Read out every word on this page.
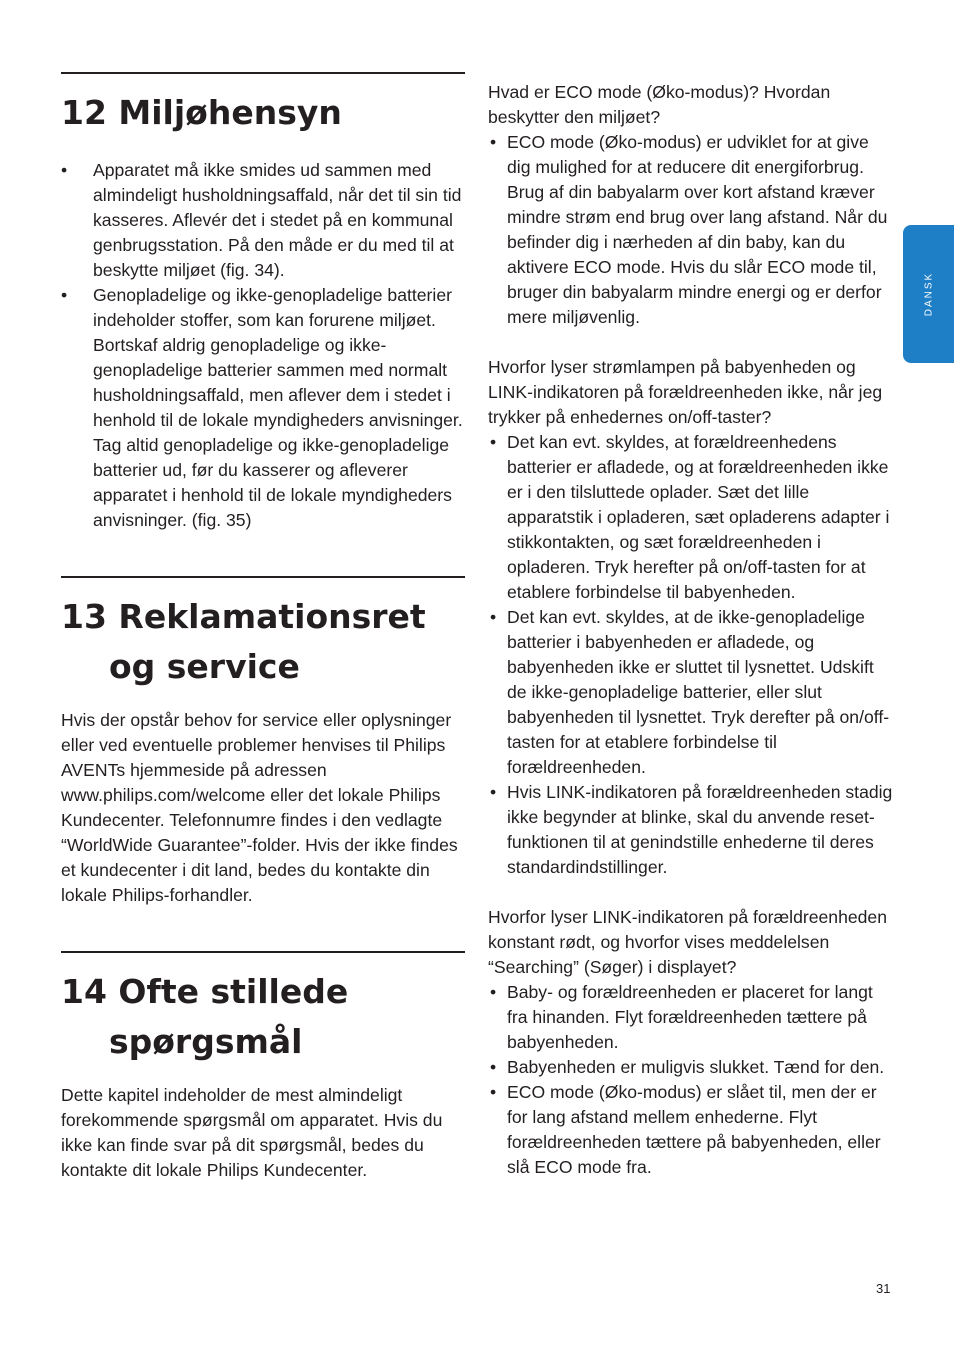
12 Miljøhensyn
• Apparatet må ikke smides ud sammen med almindeligt husholdningsaffald, når det til sin tid kasseres. Aflevér det i stedet på en kommunal genbrugsstation. På den måde er du med til at beskytte miljøet (fig. 34).
• Genopladelige og ikke-genopladelige batterier indeholder stoffer, som kan forurene miljøet. Bortskaf aldrig genopladelige og ikke-genopladelige batterier sammen med normalt husholdningsaffald, men aflever dem i stedet i henhold til de lokale myndigheders anvisninger. Tag altid genopladelige og ikke-genopladelige batterier ud, før du kasserer og afleverer apparatet i henhold til de lokale myndigheders anvisninger. (fig. 35)
13 Reklamationsret og service

Hvis der opstår behov for service eller oplysninger eller ved eventuelle problemer henvises til Philips AVENTs hjemmeside på adressen www.philips.com/welcome eller det lokale Philips Kundecenter. Telefonnumre findes i den vedlagte “WorldWide Guarantee”-folder. Hvis der ikke findes et kundecenter i dit land, bedes du kontakte din lokale Philips-forhandler.

14 Ofte stillede spørgsmål

Dette kapitel indeholder de mest almindeligt forekommende spørgsmål om apparatet. Hvis du ikke kan finde svar på dit spørgsmål, bedes du kontakte dit lokale Philips Kundecenter.

Hvad er ECO mode (Øko-modus)? Hvordan beskytter den miljøet?
• ECO mode (Øko-modus) er udviklet for at give dig mulighed for at reducere dit energiforbrug. Brug af din babyalarm over kort afstand kræver mindre strøm end brug over lang afstand. Når du befinder dig i nærheden af din baby, kan du aktivere ECO mode. Hvis du slår ECO mode til, bruger din babyalarm mindre energi og er derfor mere miljøvenlig.
Hvorfor lyser strømlampen på babyenheden og LINK-indikatoren på forældreenheden ikke, når jeg trykker på enhedernes on/off-taster?
• Det kan evt. skyldes, at forældreenhedens batterier er afladede, og at forældreenheden ikke er i den tilsluttede oplader. Sæt det lille apparatstik i opladeren, sæt opladerens adapter i stikkontakten, og sæt forældreenheden i opladeren. Tryk herefter på on/off-tasten for at etablere forbindelse til babyenheden.
• Det kan evt. skyldes, at de ikke-genopladelige batterier i babyenheden er afladede, og babyenheden ikke er sluttet til lysnettet. Udskift de ikke-genopladelige batterier, eller slut babyenheden til lysnettet. Tryk derefter på on/off-tasten for at etablere forbindelse til forældreenheden.
• Hvis LINK-indikatoren på forældreenheden stadig ikke begynder at blinke, skal du anvende reset-funktionen til at genindstille enhederne til deres standardindstillinger.
Hvorfor lyser LINK-indikatoren på forældreenheden konstant rødt, og hvorfor vises meddelelsen “Searching” (Søger) i displayet?
• Baby- og forældreenheden er placeret for langt fra hinanden. Flyt forældreenheden tættere på babyenheden.
• Babyenheden er muligvis slukket. Tænd for den.
• ECO mode (Øko-modus) er slået til, men der er for lang afstand mellem enhederne. Flyt forældreenheden tættere på babyenheden, eller slå ECO mode fra.
DANSK
31
